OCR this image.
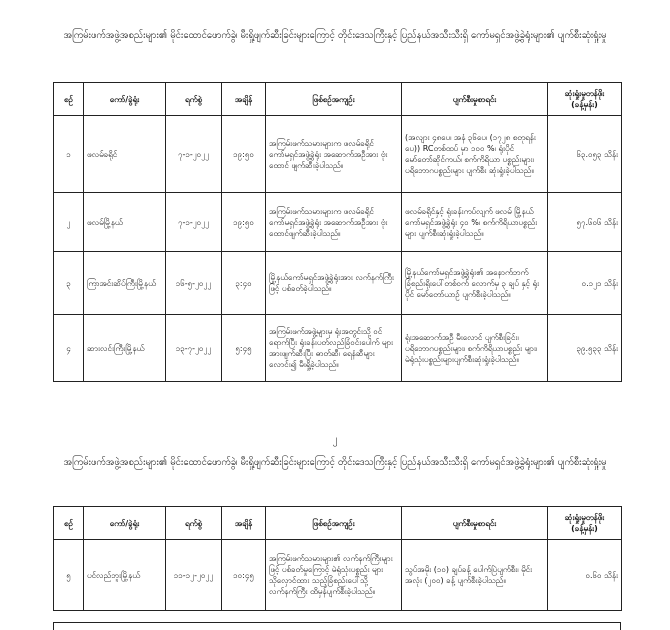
အကြမ်းဖက်အဖွဲ့အစည်းများ၏ မိုင်းထောင်ဖောက်ခွဲ၊ မီးရှို့ဖျက်ဆီးခြင်းများကြောင့် တိုင်းဒေသကြီးနှင့် ပြည်နယ်အသီးသီးရှိ ကော်မရှင်အဖွဲ့ခွဲရုံးများ၏ ပျက်စီးဆုံးရှုံးမှု
စဉ်	ကော်/ခွဲရုံး	ရက်စွဲ	အချိန်	ဖြစ်စဉ်အကျဉ်း	ပျက်စီးမှုစာရင်း	ဆုံးရှုံးမှုတန်ဖိုး (ခန့်မှန်း)
၁	ဖလမ်ခရိုင်	၇-၁-၂၀၂၂	၁၉:၅၀	အကြမ်းဖက်သမားများက ဖလမ်ခရိုင်ကော်မရှင်အဖွဲ့ခွဲရုံး အဆောက်အဦအား ဗုံးထောင် ဖျက်ဆီးခဲ့ပါသည်။	(အလျား ၄၈ပေ၊ အနံ ၃၆ပေ၊ (၁၇၂၈ စတုရန်းပေ)) RCတစ်ထပ် မှာ ၁၀၀ %၊ ရုံးပိုင်မော်တော်ဆိုင်ကယ်၊ စက်ကိရိယာ ပစ္စည်းများ၊ ပရိဘောဂပစ္စည်းများ ပျက်စီး ဆုံးရှုံးခဲ့ပါသည်။	၆၃.၀၅၃ သိန်း
၂	ဖလမ်မြို့နယ်	၇-၁-၂၀၂၂	၁၉:၅၀	အကြမ်းဖက်သမားများက ဖလမ်ခရိုင်ကော်မရှင်အဖွဲ့ခွဲရုံး အဆောက်အဦအား ဗုံးထောင်ဖျက်ဆီးခဲ့ပါသည်။	ဖလမ်ခရိုင်နှင့် ရုံးခန်းကပ်လျက် ဖလမ် မြို့နယ် ကော်မရှင်အဖွဲ့ခွဲရုံး ၄၀ %၊ စက်ကိရိယာပစ္စည်းများ ပျက်စီးဆုံးရှုံးခဲ့ပါသည်။	၅၇.၆၀၆ သိန်း
၃	ကြာအင်းဆိပ်ကြီးမြို့နယ်	၁၆-၅-၂၀၂၂	၃:၄၀	မြို့နယ်ကော်မရှင်အဖွဲ့ခွဲရုံးအား လက်နက်ကြီး ဖြင့် ပစ်ခတ်ခဲ့ပါသည်။	မြို့နယ်ကော်မရှင်အဖွဲ့ခွဲရုံး၏ အနောက်ဘက် ခြံစည်းရိုးပေါ်တစ်ဝက် လောက်မှ ၃ ချပ် နှင့် ရုံးပိုင် မော်တော်ယာဉ် ပျက်စီးခဲ့ပါသည်။	၀.၁၂၁ သိန်း
၄	ဆားလင်းကြီးမြို့နယ်	၁၃-၇-၂၀၂၂	၅:၄၅	အကြမ်းဖက်အဖွဲ့များမှ ရုံးအတွင်းသို့ ဝင်ရောက်ပြီး ရုံးခန်းပတ်လည်ခြံဝင်းပေါက် များအားဖျက်ဆီးပြီး ဓာတ်ဆီ၊ ရေနံဆီများ လောင်း၍ မီးရှို့ခဲ့ပါသည်။	ရုံးအဆောက်အဦ မီးလောင် ပျက်စီးခြင်း၊ ပရိဘောဂပစ္စည်းများ၊ စက်ကိရိယာပစ္စည်း များ၊ မဲရုံသုံးပစ္စည်းများပျက်စီးဆုံးရှုံးခဲ့ပါသည်။	၃၉.၅၃၃ သိန်း
၂
အကြမ်းဖက်အဖွဲ့အစည်းများ၏ မိုင်းထောင်ဖောက်ခွဲ၊ မီးရှို့ဖျက်ဆီးခြင်းများကြောင့် တိုင်းဒေသကြီးနှင့် ပြည်နယ်အသီးသီးရှိ ကော်မရှင်အဖွဲ့ခွဲရုံးများ၏ ပျက်စီးဆုံးရှုံးမှု
စဉ်	ကော်/ခွဲရုံး	ရက်စွဲ	အချိန်	ဖြစ်စဉ်အကျဉ်း	ပျက်စီးမှုစာရင်း	ဆုံးရှုံးမှုတန်ဖိုး (ခန့်မှန်း)
၅	ပင်လည်ဘူးမြို့နယ်	၁၁-၁၂-၂၀၂၂	၁၀:၄၅	အကြမ်းဖက်သမားများ၏ လက်နက်ကြီးများဖြင့် ပစ်ခတ်မှုကြောင့် မဲရုံသုံးပစ္စည်း များ သိုလှောင်ထား သည့်ခြံစည်းပေါ်သို့ လက်နက်ကြီး ထိမှန်ပျက်စီးခဲ့ပါသည်။	သွပ်အမိုး (၁၀) ချပ်ခန့် ပေါက်ပြဲပျက်စီး၊ မိုင်းအလုံး (၂၀၀) ခန့် ပျက်စီးခဲ့ပါသည်။	၀.၆၀ သိန်း
